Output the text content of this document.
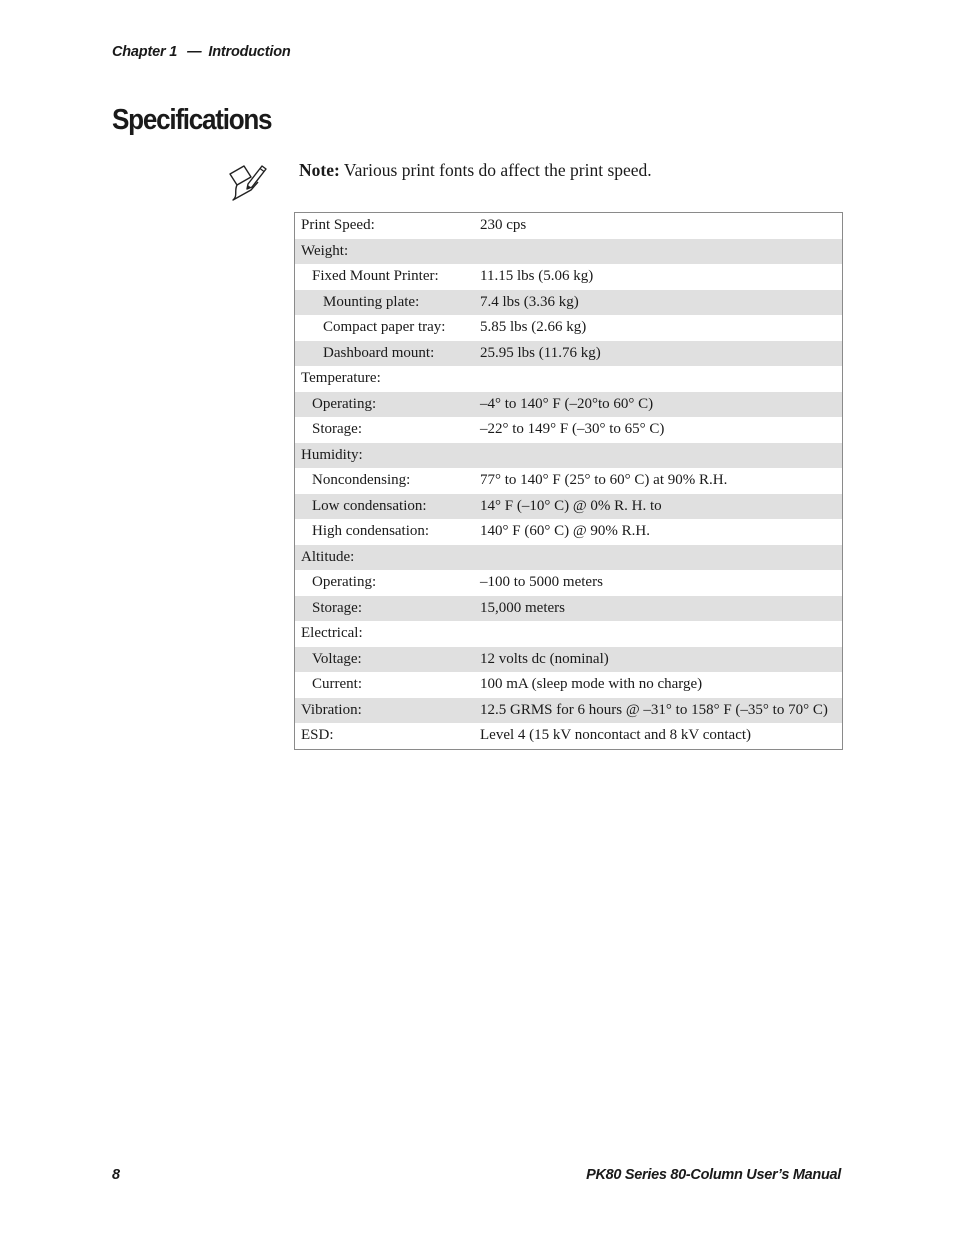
Chapter 1 — Introduction
Specifications
Note: Various print fonts do affect the print speed.
Print Speed:	230 cps
Weight:	
Fixed Mount Printer:	11.15 lbs (5.06 kg)
Mounting plate:	7.4 lbs (3.36 kg)
Compact paper tray:	5.85 lbs (2.66 kg)
Dashboard mount:	25.95 lbs (11.76 kg)
Temperature:	
Operating:	–4° to 140° F (–20°to 60° C)
Storage:	–22° to 149° F (–30° to 65° C)
Humidity:	
Noncondensing:	77° to 140° F (25° to 60° C) at 90% R.H.
Low condensation:	14° F (–10° C) @ 0% R. H. to
High condensation:	140° F (60° C) @ 90% R.H.
Altitude:	
Operating:	–100 to 5000 meters
Storage:	15,000 meters
Electrical:	
Voltage:	12 volts dc (nominal)
Current:	100 mA (sleep mode with no charge)
Vibration:	12.5 GRMS for 6 hours @ –31° to 158° F (–35° to 70° C)
ESD:	Level 4 (15 kV noncontact and 8 kV contact)
8	PK80 Series 80-Column User’s Manual
